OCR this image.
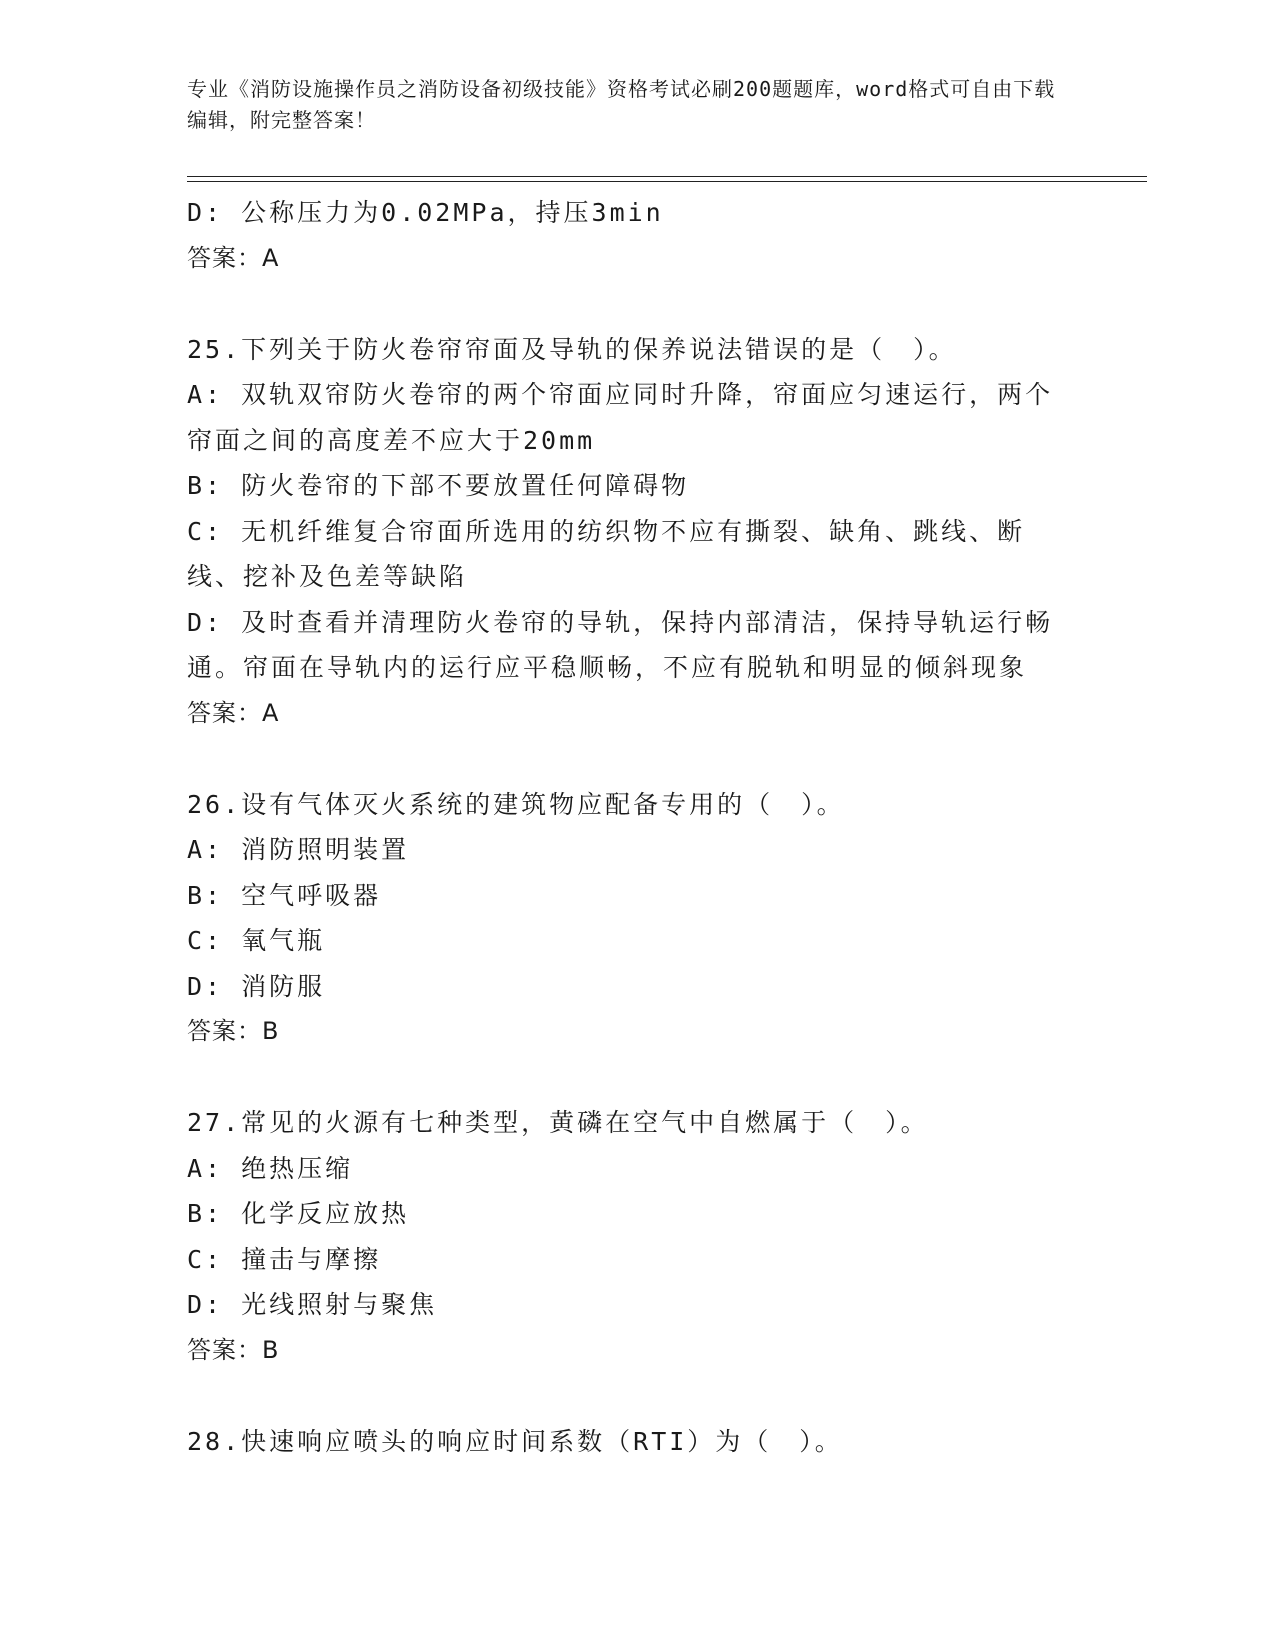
专业《消防设施操作员之消防设备初级技能》资格考试必刷200题题库，word格式可自由下载编辑，附完整答案！
D: 公称压力为0.02MPa，持压3min
答案：A
25.下列关于防火卷帘帘面及导轨的保养说法错误的是（　）。
A: 双轨双帘防火卷帘的两个帘面应同时升降，帘面应匀速运行，两个帘面之间的高度差不应大于20mm
B: 防火卷帘的下部不要放置任何障碍物
C: 无机纤维复合帘面所选用的纺织物不应有撕裂、缺角、跳线、断线、挖补及色差等缺陷
D: 及时查看并清理防火卷帘的导轨，保持内部清洁，保持导轨运行畅通。帘面在导轨内的运行应平稳顺畅，不应有脱轨和明显的倾斜现象
答案：A
26.设有气体灭火系统的建筑物应配备专用的（　）。
A: 消防照明装置
B: 空气呼吸器
C: 氧气瓶
D: 消防服
答案：B
27.常见的火源有七种类型，黄磷在空气中自燃属于（　）。
A: 绝热压缩
B: 化学反应放热
C: 撞击与摩擦
D: 光线照射与聚焦
答案：B
28.快速响应喷头的响应时间系数（RTI）为（　）。
